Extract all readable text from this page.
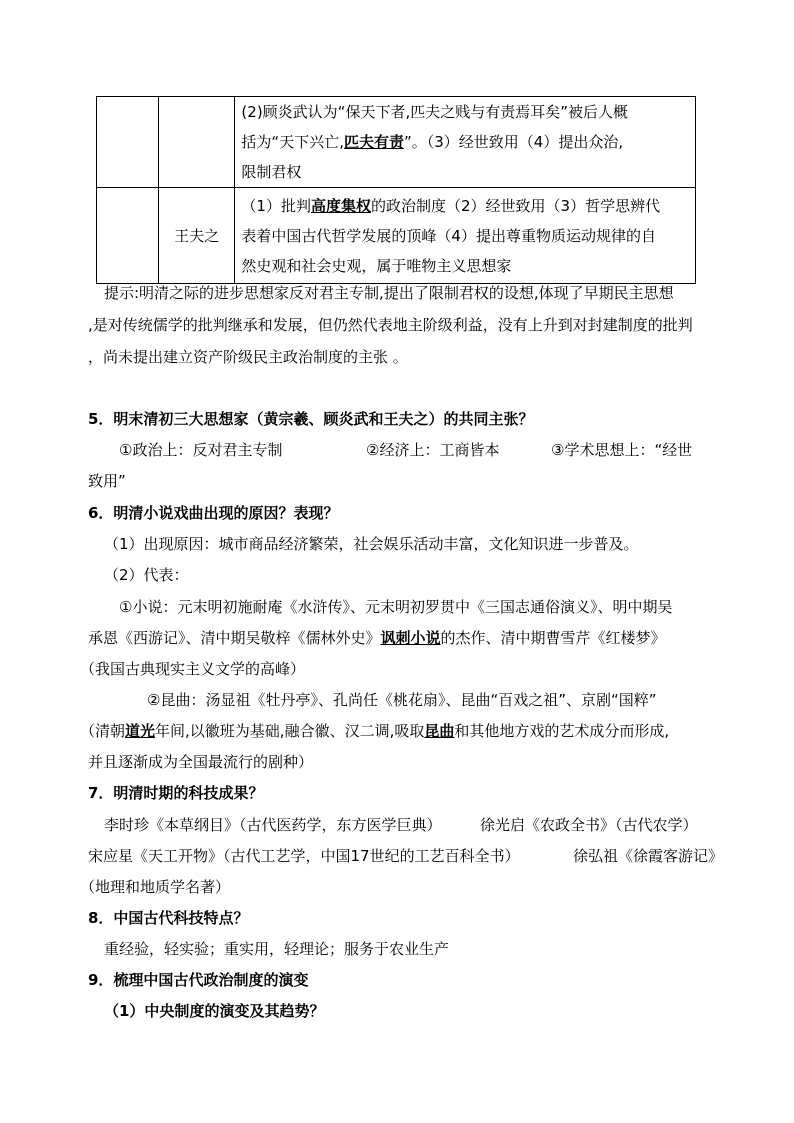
		(2)顾炎武认为“保天下者,匹夫之贱与有责焉耳矣”被后人概
括为“天下兴亡,匹夫有责”。（3）经世致用（4）提出众治,
限制君权

	王夫之	（1）批判高度集权的政治制度（2）经世致用（3）哲学思辨代
表着中国古代哲学发展的顶峰（4）提出尊重物质运动规律的自
然史观和社会史观，属于唯物主义思想家
提示:明清之际的进步思想家反对君主专制,提出了限制君权的设想,体现了早期民主思想
,是对传统儒学的批判继承和发展，但仍然代表地主阶级利益，没有上升到对封建制度的批判
，尚未提出建立资产阶级民主政治制度的主张 。
5．明末清初三大思想家（黄宗羲、顾炎武和王夫之）的共同主张？
①政治上：反对君主专制	②经济上：工商皆本	③学术思想上：“经世
致用”
6．明清小说戏曲出现的原因？表现？
（1）出现原因：城市商品经济繁荣，社会娱乐活动丰富，文化知识进一步普及。
（2）代表：
①小说：元末明初施耐庵《水浒传》、元末明初罗贯中《三国志通俗演义》、明中期吴
承恩《西游记》、清中期吴敬梓《儒林外史》讽刺小说的杰作、清中期曹雪芹《红楼梦》
（我国古典现实主义文学的高峰）
②昆曲：汤显祖《牡丹亭》、孔尚任《桃花扇》、昆曲“百戏之祖”、京剧“国粹”
（清朝道光年间,以徽班为基础,融合徽、汉二调,吸取昆曲和其他地方戏的艺术成分而形成,
并且逐渐成为全国最流行的剧种）
7．明清时期的科技成果？
李时珍《本草纲目》（古代医药学，东方医学巨典）	徐光启《农政全书》（古代农学）
宋应星《天工开物》（古代工艺学，中国17世纪的工艺百科全书）	徐弘祖《徐霞客游记》
（地理和地质学名著）
8．中国古代科技特点？
重经验，轻实验；重实用，轻理论；服务于农业生产
9．梳理中国古代政治制度的演变
（1）中央制度的演变及其趋势？
